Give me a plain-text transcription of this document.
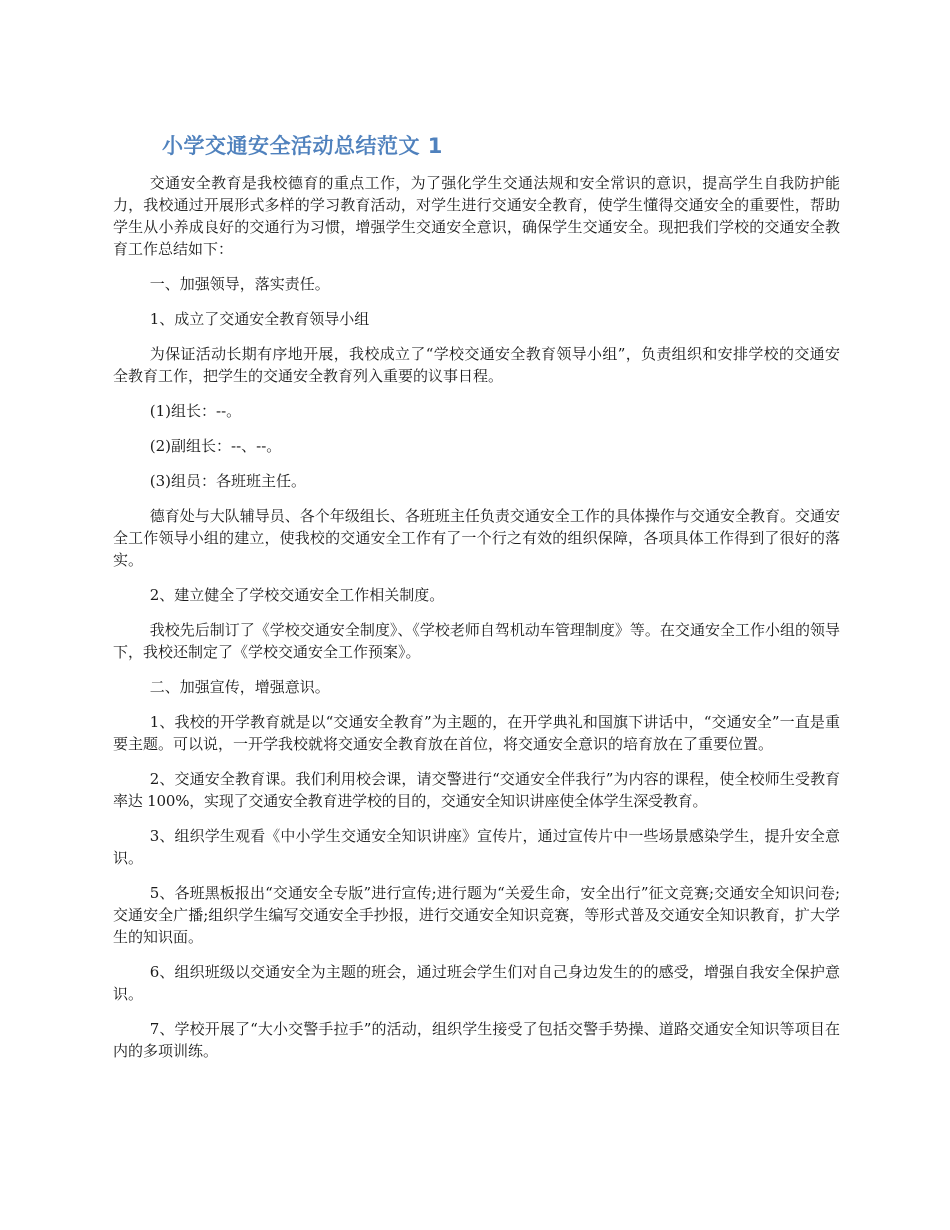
小学交通安全活动总结范文 1

交通安全教育是我校德育的重点工作，为了强化学生交通法规和安全常识的意识，提高学生自我防护能力，我校通过开展形式多样的学习教育活动，对学生进行交通安全教育，使学生懂得交通安全的重要性，帮助学生从小养成良好的交通行为习惯，增强学生交通安全意识，确保学生交通安全。现把我们学校的交通安全教育工作总结如下：

一、加强领导，落实责任。

1、成立了交通安全教育领导小组

为保证活动长期有序地开展，我校成立了“学校交通安全教育领导小组”，负责组织和安排学校的交通安全教育工作，把学生的交通安全教育列入重要的议事日程。

(1)组长：--。

(2)副组长：--、--。

(3)组员：各班班主任。

德育处与大队辅导员、各个年级组长、各班班主任负责交通安全工作的具体操作与交通安全教育。交通安全工作领导小组的建立，使我校的交通安全工作有了一个行之有效的组织保障，各项具体工作得到了很好的落实。

2、建立健全了学校交通安全工作相关制度。

我校先后制订了《学校交通安全制度》、《学校老师自驾机动车管理制度》等。在交通安全工作小组的领导下，我校还制定了《学校交通安全工作预案》。

二、加强宣传，增强意识。

1、我校的开学教育就是以“交通安全教育”为主题的，在开学典礼和国旗下讲话中，“交通安全”一直是重要主题。可以说，一开学我校就将交通安全教育放在首位，将交通安全意识的培育放在了重要位置。

2、交通安全教育课。我们利用校会课，请交警进行“交通安全伴我行”为内容的课程，使全校师生受教育率达 100%，实现了交通安全教育进学校的目的，交通安全知识讲座使全体学生深受教育。

3、组织学生观看《中小学生交通安全知识讲座》宣传片，通过宣传片中一些场景感染学生，提升安全意识。

5、各班黑板报出“交通安全专版”进行宣传;进行题为“关爱生命，安全出行”征文竞赛;交通安全知识问卷;交通安全广播;组织学生编写交通安全手抄报，进行交通安全知识竞赛，等形式普及交通安全知识教育，扩大学生的知识面。

6、组织班级以交通安全为主题的班会，通过班会学生们对自己身边发生的的感受，增强自我安全保护意识。

7、学校开展了“大小交警手拉手”的活动，组织学生接受了包括交警手势操、道路交通安全知识等项目在内的多项训练。
